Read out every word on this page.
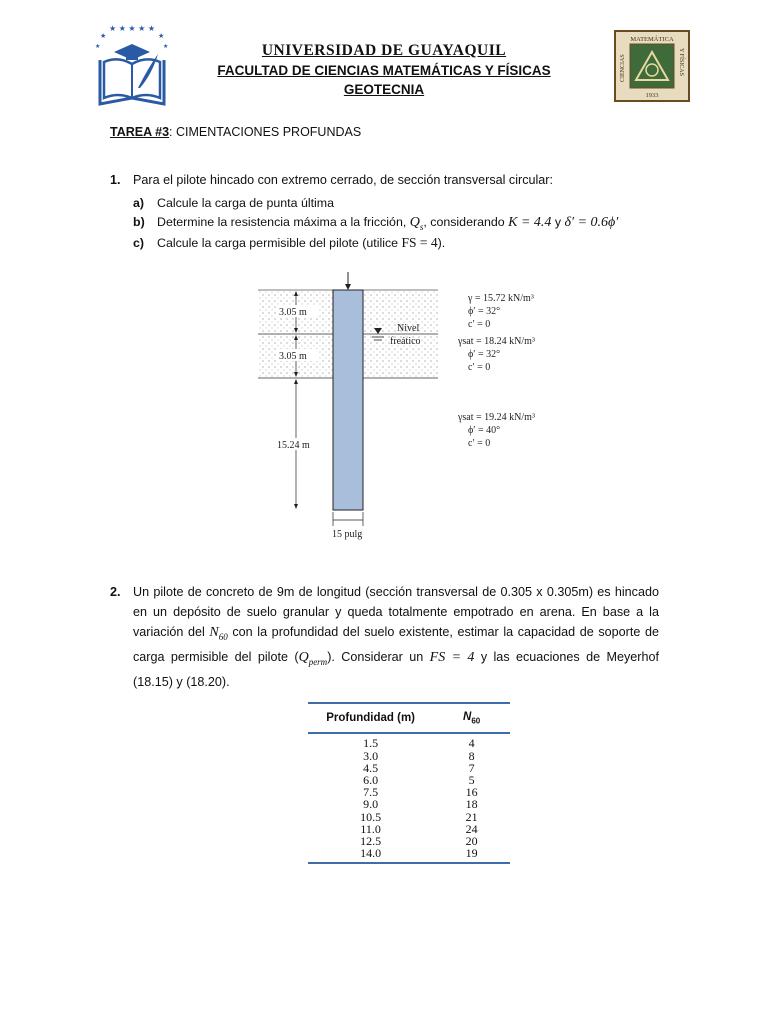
★ ★ ★ ★ ★
★	★
★	★	UNIVERSIDAD DE GUAYAQUIL
FACULTAD DE CIENCIAS MATEMÁTICAS Y FÍSICAS
GEOTECNIA
MATEMÁTICA
1933
CIENCIAS	Y FÍSICAS
TAREA #3: CIMENTACIONES PROFUNDAS
1. Para el pilote hincado con extremo cerrado, de sección transversal circular:
a) Calcule la carga de punta última
b) Determine la resistencia máxima a la fricción, $Q_s$, considerando K = 4.4 y δ′ = 0.6ϕ′
c) Calcule la carga permisible del pilote (utilice FS = 4).
Nivel
freático
3.05 m
3.05 m
15.24 m
15 pulg
γ = 15.72 kN/m³
ϕ′ = 32°
c′ = 0
γsat = 18.24 kN/m³
ϕ′ = 32°
c′ = 0
γsat = 19.24 kN/m³
ϕ′ = 40°
c′ = 0
2. Un pilote de concreto de 9m de longitud (sección transversal de 0.305 x 0.305m) es hincado en un depósito de suelo granular y queda totalmente empotrado en arena. En base a la variación del $N_{60}$ con la profundidad del suelo existente, estimar la capacidad de soporte de carga permisible del pilote $(Q_{perm})$. Considerar un FS = 4 y las ecuaciones de Meyerhof (18.15) y (18.20).
Profundidad (m)	$N_{60}$
1.5	4
3.0	8
4.5	7
6.0	5
7.5	16
9.0	18
10.5	21
11.0	24
12.5	20
14.0	19
